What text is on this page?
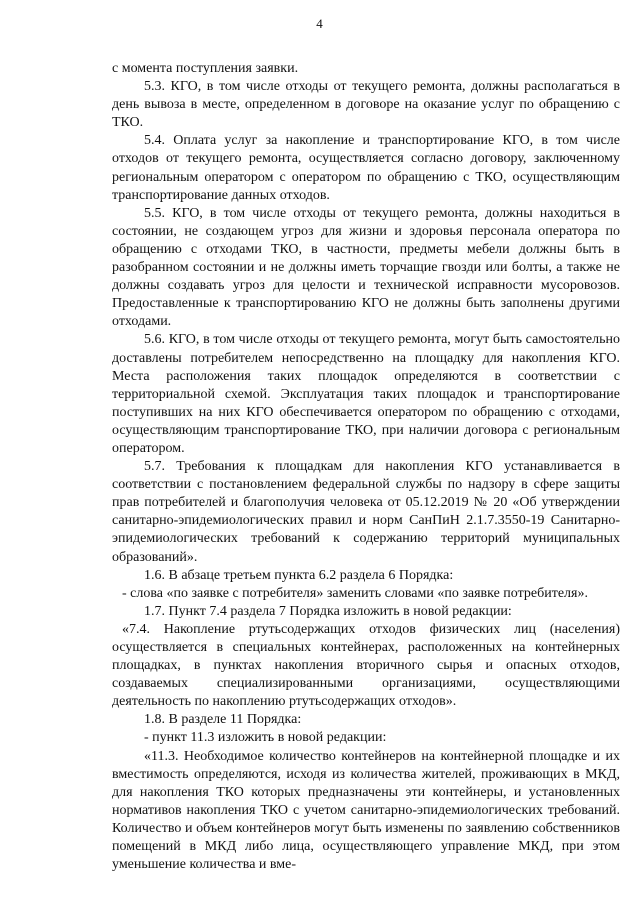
4

с момента поступления заявки.

5.3. КГО, в том числе отходы от текущего ремонта, должны располагаться в день вывоза в месте, определенном в договоре на оказание услуг по обращению с ТКО.

5.4. Оплата услуг за накопление и транспортирование КГО, в том числе отходов от текущего ремонта, осуществляется согласно договору, заключенному региональным оператором с оператором по обращению с ТКО, осуществляющим транспортирование данных отходов.

5.5. КГО, в том числе отходы от текущего ремонта, должны находиться в состоянии, не создающем угроз для жизни и здоровья персонала оператора по обращению с отходами ТКО, в частности, предметы мебели должны быть в разобранном состоянии и не должны иметь торчащие гвозди или болты, а также не должны создавать угроз для целости и технической исправности мусоровозов. Предоставленные к транспортированию КГО не должны быть заполнены другими отходами.

5.6. КГО, в том числе отходы от текущего ремонта, могут быть самостоятельно доставлены потребителем непосредственно на площадку для накопления КГО. Места расположения таких площадок определяются в соответствии с территориальной схемой. Эксплуатация таких площадок и транспортирование поступивших на них КГО обеспечивается оператором по обращению с отходами, осуществляющим транспортирование ТКО, при наличии договора с региональным оператором.

5.7. Требования к площадкам для накопления КГО устанавливается в соответствии с постановлением федеральной службы по надзору в сфере защиты прав потребителей и благополучия человека от 05.12.2019 № 20 «Об утверждении санитарно-эпидемиологических правил и норм СанПиН 2.1.7.3550-19 Санитарно-эпидемиологических требований к содержанию территорий муниципальных образований».

1.6. В абзаце третьем пункта 6.2 раздела 6 Порядка:

- слова «по заявке с потребителя» заменить словами «по заявке потребителя».

1.7. Пункт 7.4 раздела 7 Порядка изложить в новой редакции:

«7.4. Накопление ртутьсодержащих отходов физических лиц (населения) осуществляется в специальных контейнерах, расположенных на контейнерных площадках, в пунктах накопления вторичного сырья и опасных отходов, создаваемых специализированными организациями, осуществляющими деятельность по накоплению ртутьсодержащих отходов».

1.8. В разделе 11 Порядка:

- пункт 11.3 изложить в новой редакции:

«11.3. Необходимое количество контейнеров на контейнерной площадке и их вместимость определяются, исходя из количества жителей, проживающих в МКД, для накопления ТКО которых предназначены эти контейнеры, и установленных нормативов накопления ТКО с учетом санитарно-эпидемиологических требований. Количество и объем контейнеров могут быть изменены по заявлению собственников помещений в МКД либо лица, осуществляющего управление МКД, при этом уменьшение количества и вме-
